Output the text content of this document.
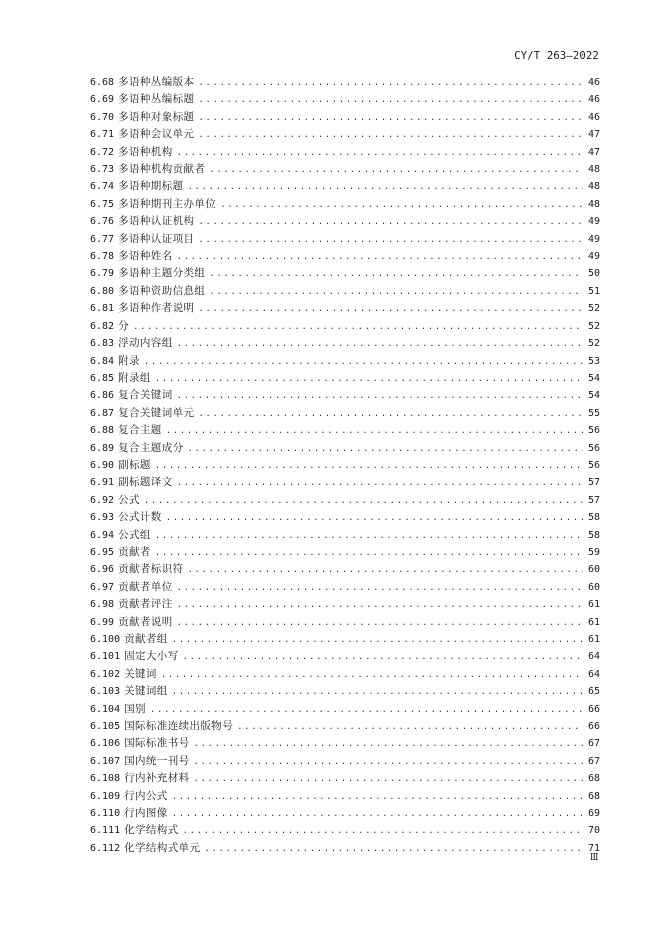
CY/T 263—2022
6.68 多语种丛编版本 .....	46
6.69 多语种丛编标题 .....	46
6.70 多语种对象标题 .....	46
6.71 多语种会议单元 .....	47
6.72 多语种机构 .....	47
6.73 多语种机构贡献者 .....	48
6.74 多语种期标题 .....	48
6.75 多语种期刊主办单位 .....	48
6.76 多语种认证机构 .....	49
6.77 多语种认证项目 .....	49
6.78 多语种姓名 .....	49
6.79 多语种主题分类组 .....	50
6.80 多语种资助信息组 .....	51
6.81 多语种作者说明 .....	52
6.82 分 .....	52
6.83 浮动内容组 .....	52
6.84 附录 .....	53
6.85 附录组 .....	54
6.86 复合关键词 .....	54
6.87 复合关键词单元 .....	55
6.88 复合主题 .....	56
6.89 复合主题成分 .....	56
6.90 副标题 .....	56
6.91 副标题译文 .....	57
6.92 公式 .....	57
6.93 公式计数 .....	58
6.94 公式组 .....	58
6.95 贡献者 .....	59
6.96 贡献者标识符 .....	60
6.97 贡献者单位 .....	60
6.98 贡献者评注 .....	61
6.99 贡献者说明 .....	61
6.100 贡献者组 .....	61
6.101 固定大小写 .....	64
6.102 关键词 .....	64
6.103 关键词组 .....	65
6.104 国别 .....	66
6.105 国际标准连续出版物号 .....	66
6.106 国际标准书号 .....	67
6.107 国内统一刊号 .....	67
6.108 行内补充材料 .....	68
6.109 行内公式 .....	68
6.110 行内图像 .....	69
6.111 化学结构式 .....	70
6.112 化学结构式单元 .....	71
Ⅲ
